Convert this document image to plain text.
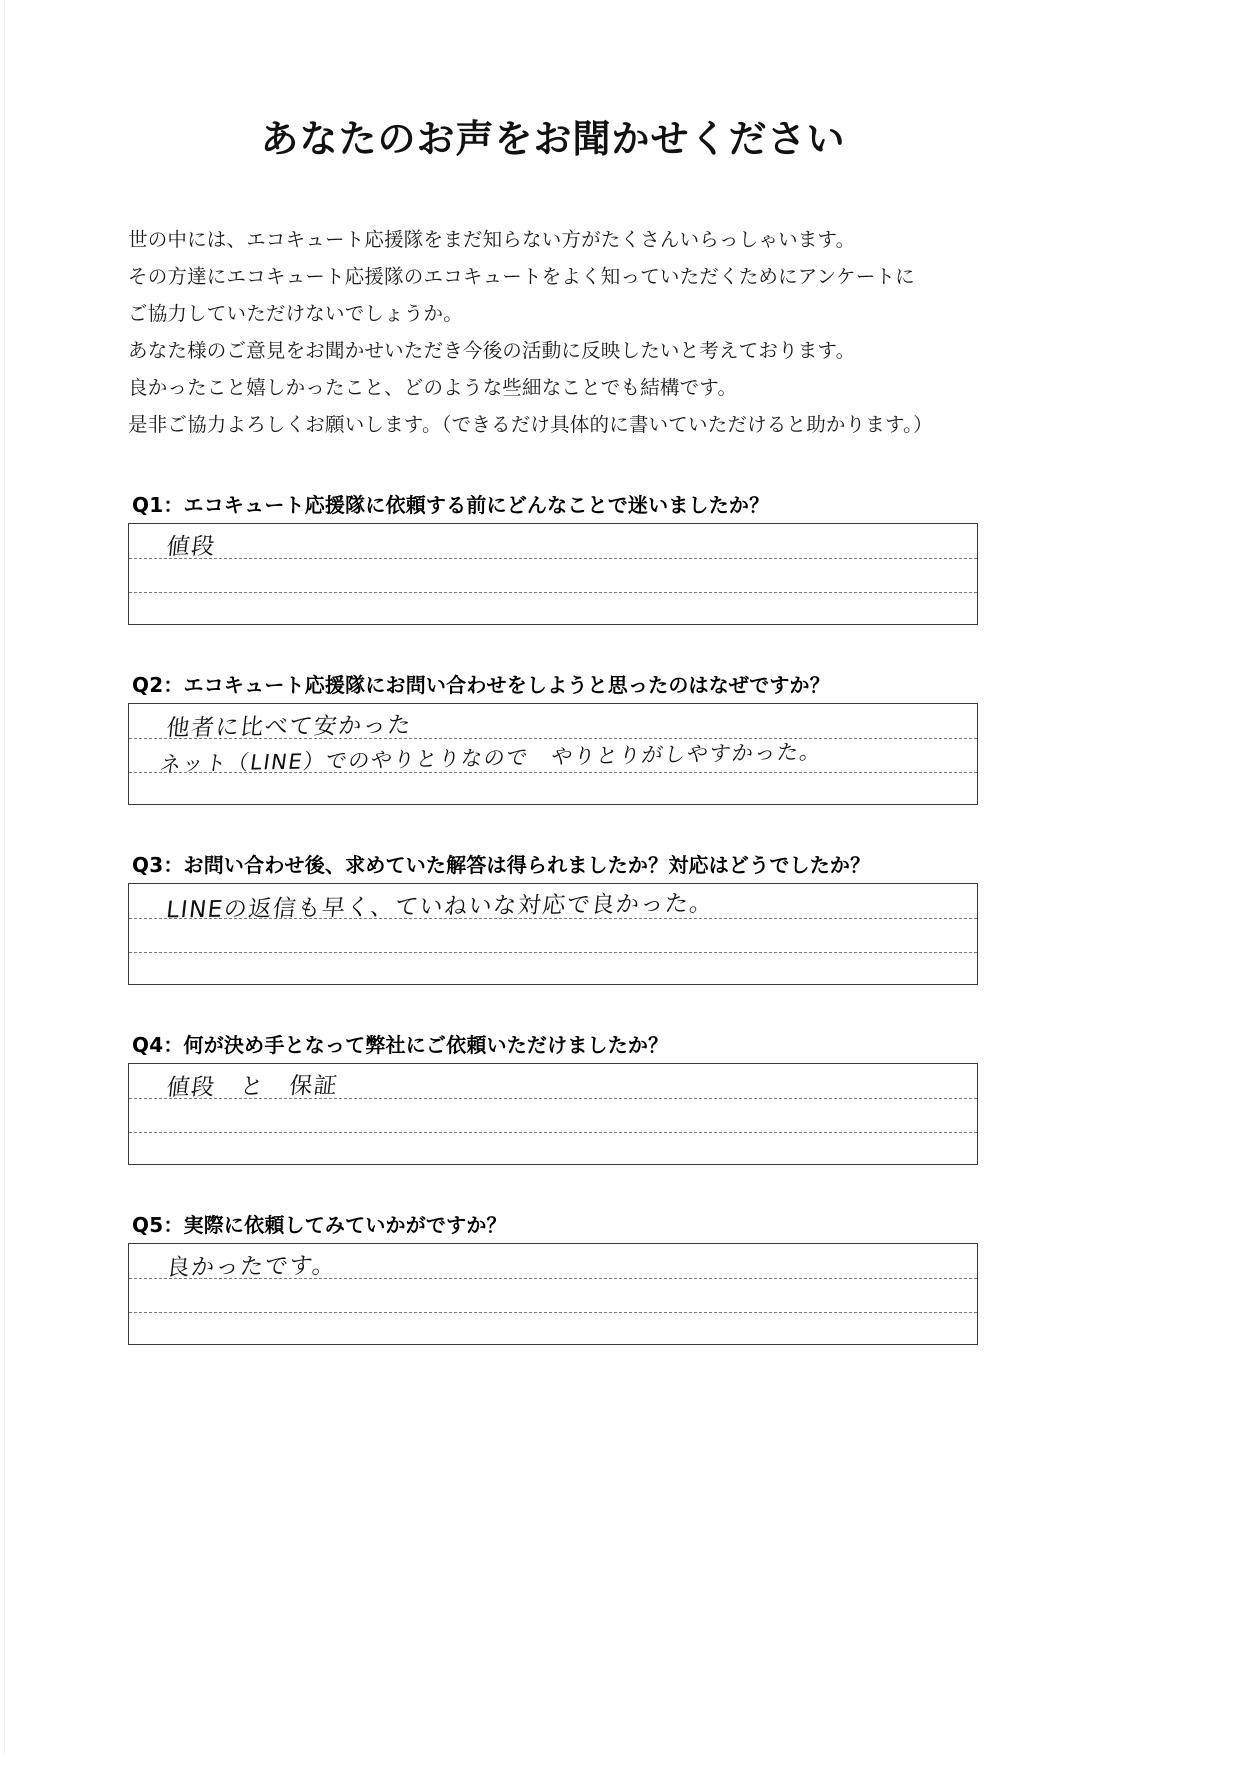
あなたのお声をお聞かせください

世の中には、エコキュート応援隊をまだ知らない方がたくさんいらっしゃいます。

その方達にエコキュート応援隊のエコキュートをよく知っていただくためにアンケートに

ご協力していただけないでしょうか。

あなた様のご意見をお聞かせいただき今後の活動に反映したいと考えております。

良かったこと嬉しかったこと、どのような些細なことでも結構です。

是非ご協力よろしくお願いします。（できるだけ具体的に書いていただけると助かります。）

Q1：エコキュート応援隊に依頼する前にどんなことで迷いましたか？
値段
Q2：エコキュート応援隊にお問い合わせをしようと思ったのはなぜですか？
他者に比べて安かった
ネット（LINE）でのやりとりなので　やりとりがしやすかった。
Q3：お問い合わせ後、求めていた解答は得られましたか？対応はどうでしたか？
LINEの返信も早く、ていねいな対応で良かった。
Q4：何が決め手となって弊社にご依頼いただけましたか？
値段　と　保証
Q5：実際に依頼してみていかがですか？
良かったです。
